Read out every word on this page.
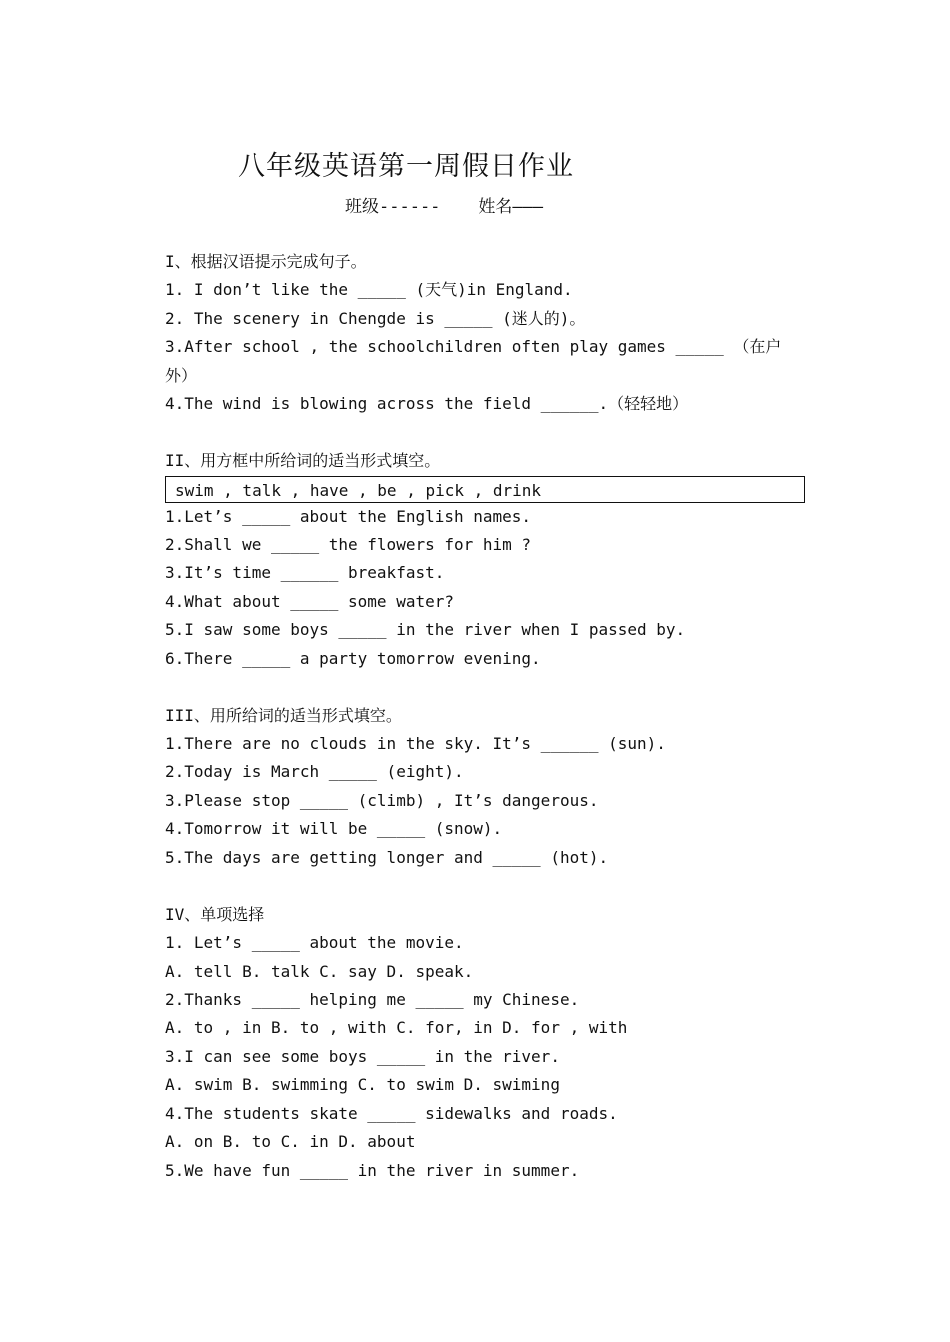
八年级英语第一周假日作业
班级------ 姓名———
I、根据汉语提示完成句子。
1. I don’t like the _____ (天气)in England.
2. The scenery in Chengde is _____ (迷人的)。
3.After school , the schoolchildren often play games _____ （在户外）
4.The wind is blowing across the field ______.（轻轻地）
II、用方框中所给词的适当形式填空。
swim , talk , have , be , pick , drink
1.Let’s _____ about the English names.
2.Shall we _____ the flowers for him ?
3.It’s time ______ breakfast.
4.What about _____ some water?
5.I saw some boys _____ in the river when I passed by.
6.There _____ a party tomorrow evening.
III、用所给词的适当形式填空。
1.There are no clouds in the sky. It’s ______ (sun).
2.Today is March _____ (eight).
3.Please stop _____ (climb) , It’s dangerous.
4.Tomorrow it will be _____ (snow).
5.The days are getting longer and _____ (hot).
IV、单项选择
1. Let’s _____ about the movie.
A. tell B. talk C. say D. speak.
2.Thanks _____ helping me _____ my Chinese.
A. to , in B. to , with C. for, in D. for , with
3.I can see some boys _____ in the river.
A. swim B. swimming C. to swim D. swiming
4.The students skate _____ sidewalks and roads.
A. on B. to C. in D. about
5.We have fun _____ in the river in summer.
